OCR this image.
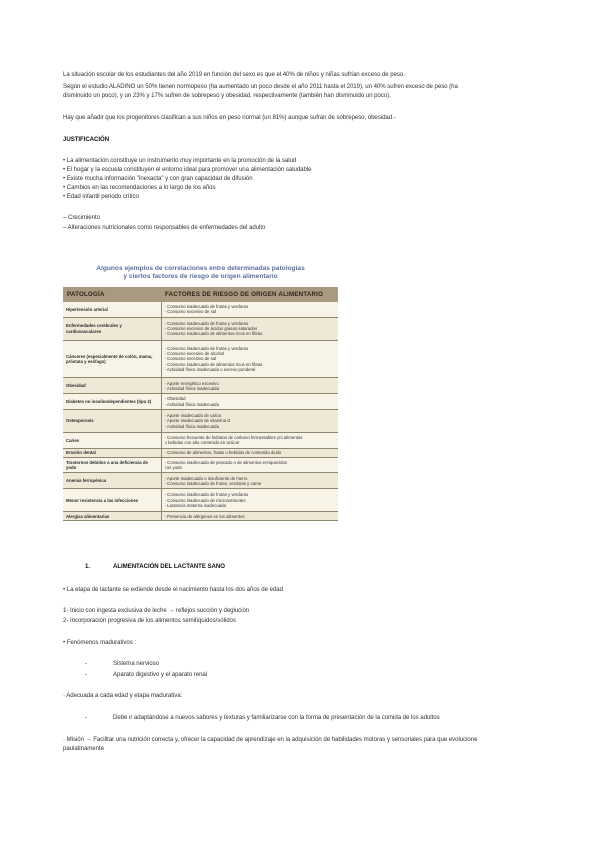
La situación escolar de los estudiantes del año 2019 en función del sexo es que el 40% de niños y niñas sufrían exceso de peso.
Según el estudio ALADINO un 50% tienen normopeso (ha aumentado un poco desde el año 2011 hasta el 2019), un 40% sufren exceso de peso (ha
disminuido un poco), y un 23% y 17% sufren de sobrepeso y obesidad, respectivamente (también han disminuido un poco).
Hay que añadir que los progenitores clasifican a sus niños en peso normal (un 81%) aunque sufran de sobrepeso, obesidad.-
JUSTIFICACIÓN
• La alimentación constituye un instrumento muy importante en la promoción de la salud
• El hogar y la escuela constituyen el entorno ideal para promover una alimentación saludable
• Existe mucha información "inexacta" y con gran capacidad de difusión
• Cambios en las recomendaciones a lo largo de los años
• Edad infantil periodo crítico
– Crecimiento
– Alteraciones nutricionales como responsables de enfermedades del adulto
Algunos ejemplos de correlaciones entre determinadas patologías
y ciertos factores de riesgo de origen alimentario
PATOLOGÍA	FACTORES DE RIESGO DE ORIGEN ALIMENTARIO
Hipertensión arterial	- Consumo inadecuado de frutas y verduras
- Consumo excesivo de sal

Enfermedades cerebrales y cardiovasculares	- Consumo inadecuado de frutas y verduras
- Consumo excesivo de ácidos grasos saturados
- Consumo inadecuado de alimentos ricos en fibras

Cánceres (especialmente de colón, mama, próstata y esófago)	- Consumo inadecuado de frutas y verduras
- Consumo excesivo de alcohol
- Consumo excesivo de sal
- Consumo inadecuado de alimentos ricos en fibras
- Actividad física inadecuada o exceso ponderal

Obesidad	- Aporte energético excesivo
- Actividad física inadecuada

Diabetes no insulinodependientes (tipo 2)	- Obesidad
- Actividad física inadecuada

Osteoporosis	- Aporte inadecuado de calcio
- Aporte inadecuado de vitamina D
- Actividad física inadecuada

Caries	- Consumo frecuente de hidratos de carbono fermentables y/o alimentos
o bebidas con alto contenido en azúcar

Erosión dental	- Consumo de alimentos, frutas o bebidas de contenido ácido

Trastornos debidos a una deficiencia de yodo	- Consumo inadecuado de pescado o de alimentos enriquecidos
con yodo

Anemia ferropénica	- Aporte inadecuado o insuficiente de hierro
- Consumo inadecuado de frutas, verduras y carne

Menor resistencia a las infecciones	- Consumo inadecuado de frutas y verduras
- Consumo inadecuado de micronutrientes
- Lactancia materna inadecuada

Alergias alimentarias	- Presencia de alérgenos en los alimentos
1.	ALIMENTACIÓN DEL LACTANTE SANO
• La etapa de lactante se extiende desde el nacimiento hasta los dos años de edad
1- Inicio con ingesta exclusiva de leche → reflejos succión y deglución
2- Incorporación progresiva de los alimentos semilíquidos/sólidos
• Fenómenos madurativos :
-	Sistema nervioso
-	Aparato digestivo y el aparato renal
· Adecuada a cada edad y etapa madurativa:
-	Debe ir adaptándose a nuevos sabores y texturas y familiarizarse con la forma de presentación de la comida de los adultos
· Misión → Facilitar una nutrición correcta y, ofrecer la capacidad de aprendizaje en la adquisición de habilidades motoras y sensoriales para que evolucione
paulatinamente
